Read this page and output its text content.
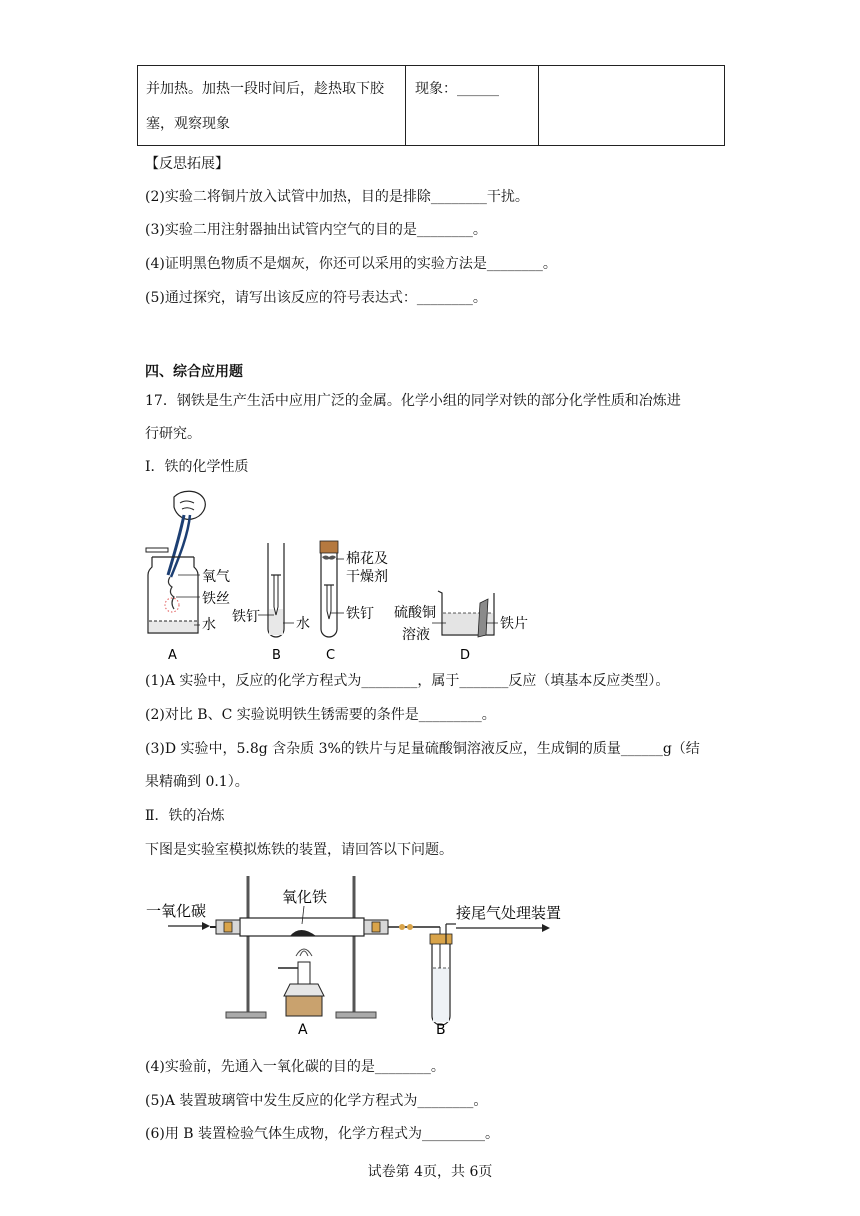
并加热。加热一段时间后，趁热取下胶
塞，观察现象

现象：______

【反思拓展】
(2)实验二将铜片放入试管中加热，目的是排除________干扰。
(3)实验二用注射器抽出试管内空气的目的是________。
(4)证明黑色物质不是烟灰，你还可以采用的实验方法是________。
(5)通过探究，请写出该反应的符号表达式：________。
四、综合应用题
17．钢铁是生产生活中应用广泛的金属。化学小组的同学对铁的部分化学性质和冶炼进
行研究。
Ⅰ．铁的化学性质
氧气
铁丝
水
A
铁钉	水
B
棉花及
干燥剂
铁钉
C
硫酸铜
溶液
铁片
D
(1)A 实验中，反应的化学方程式为________，属于_______反应（填基本反应类型）。
(2)对比 B、C 实验说明铁生锈需要的条件是_________。
(3)D 实验中，5.8g 含杂质 3%的铁片与足量硫酸铜溶液反应，生成铜的质量______g（结
果精确到 0.1）。
Ⅱ．铁的冶炼
下图是实验室模拟炼铁的装置，请回答以下问题。
一氧化碳
氧化铁
A	B
接尾气处理装置
(4)实验前，先通入一氧化碳的目的是________。
(5)A 装置玻璃管中发生反应的化学方程式为________。
(6)用 B 装置检验气体生成物，化学方程式为_________。
试卷第 4页，共 6页
